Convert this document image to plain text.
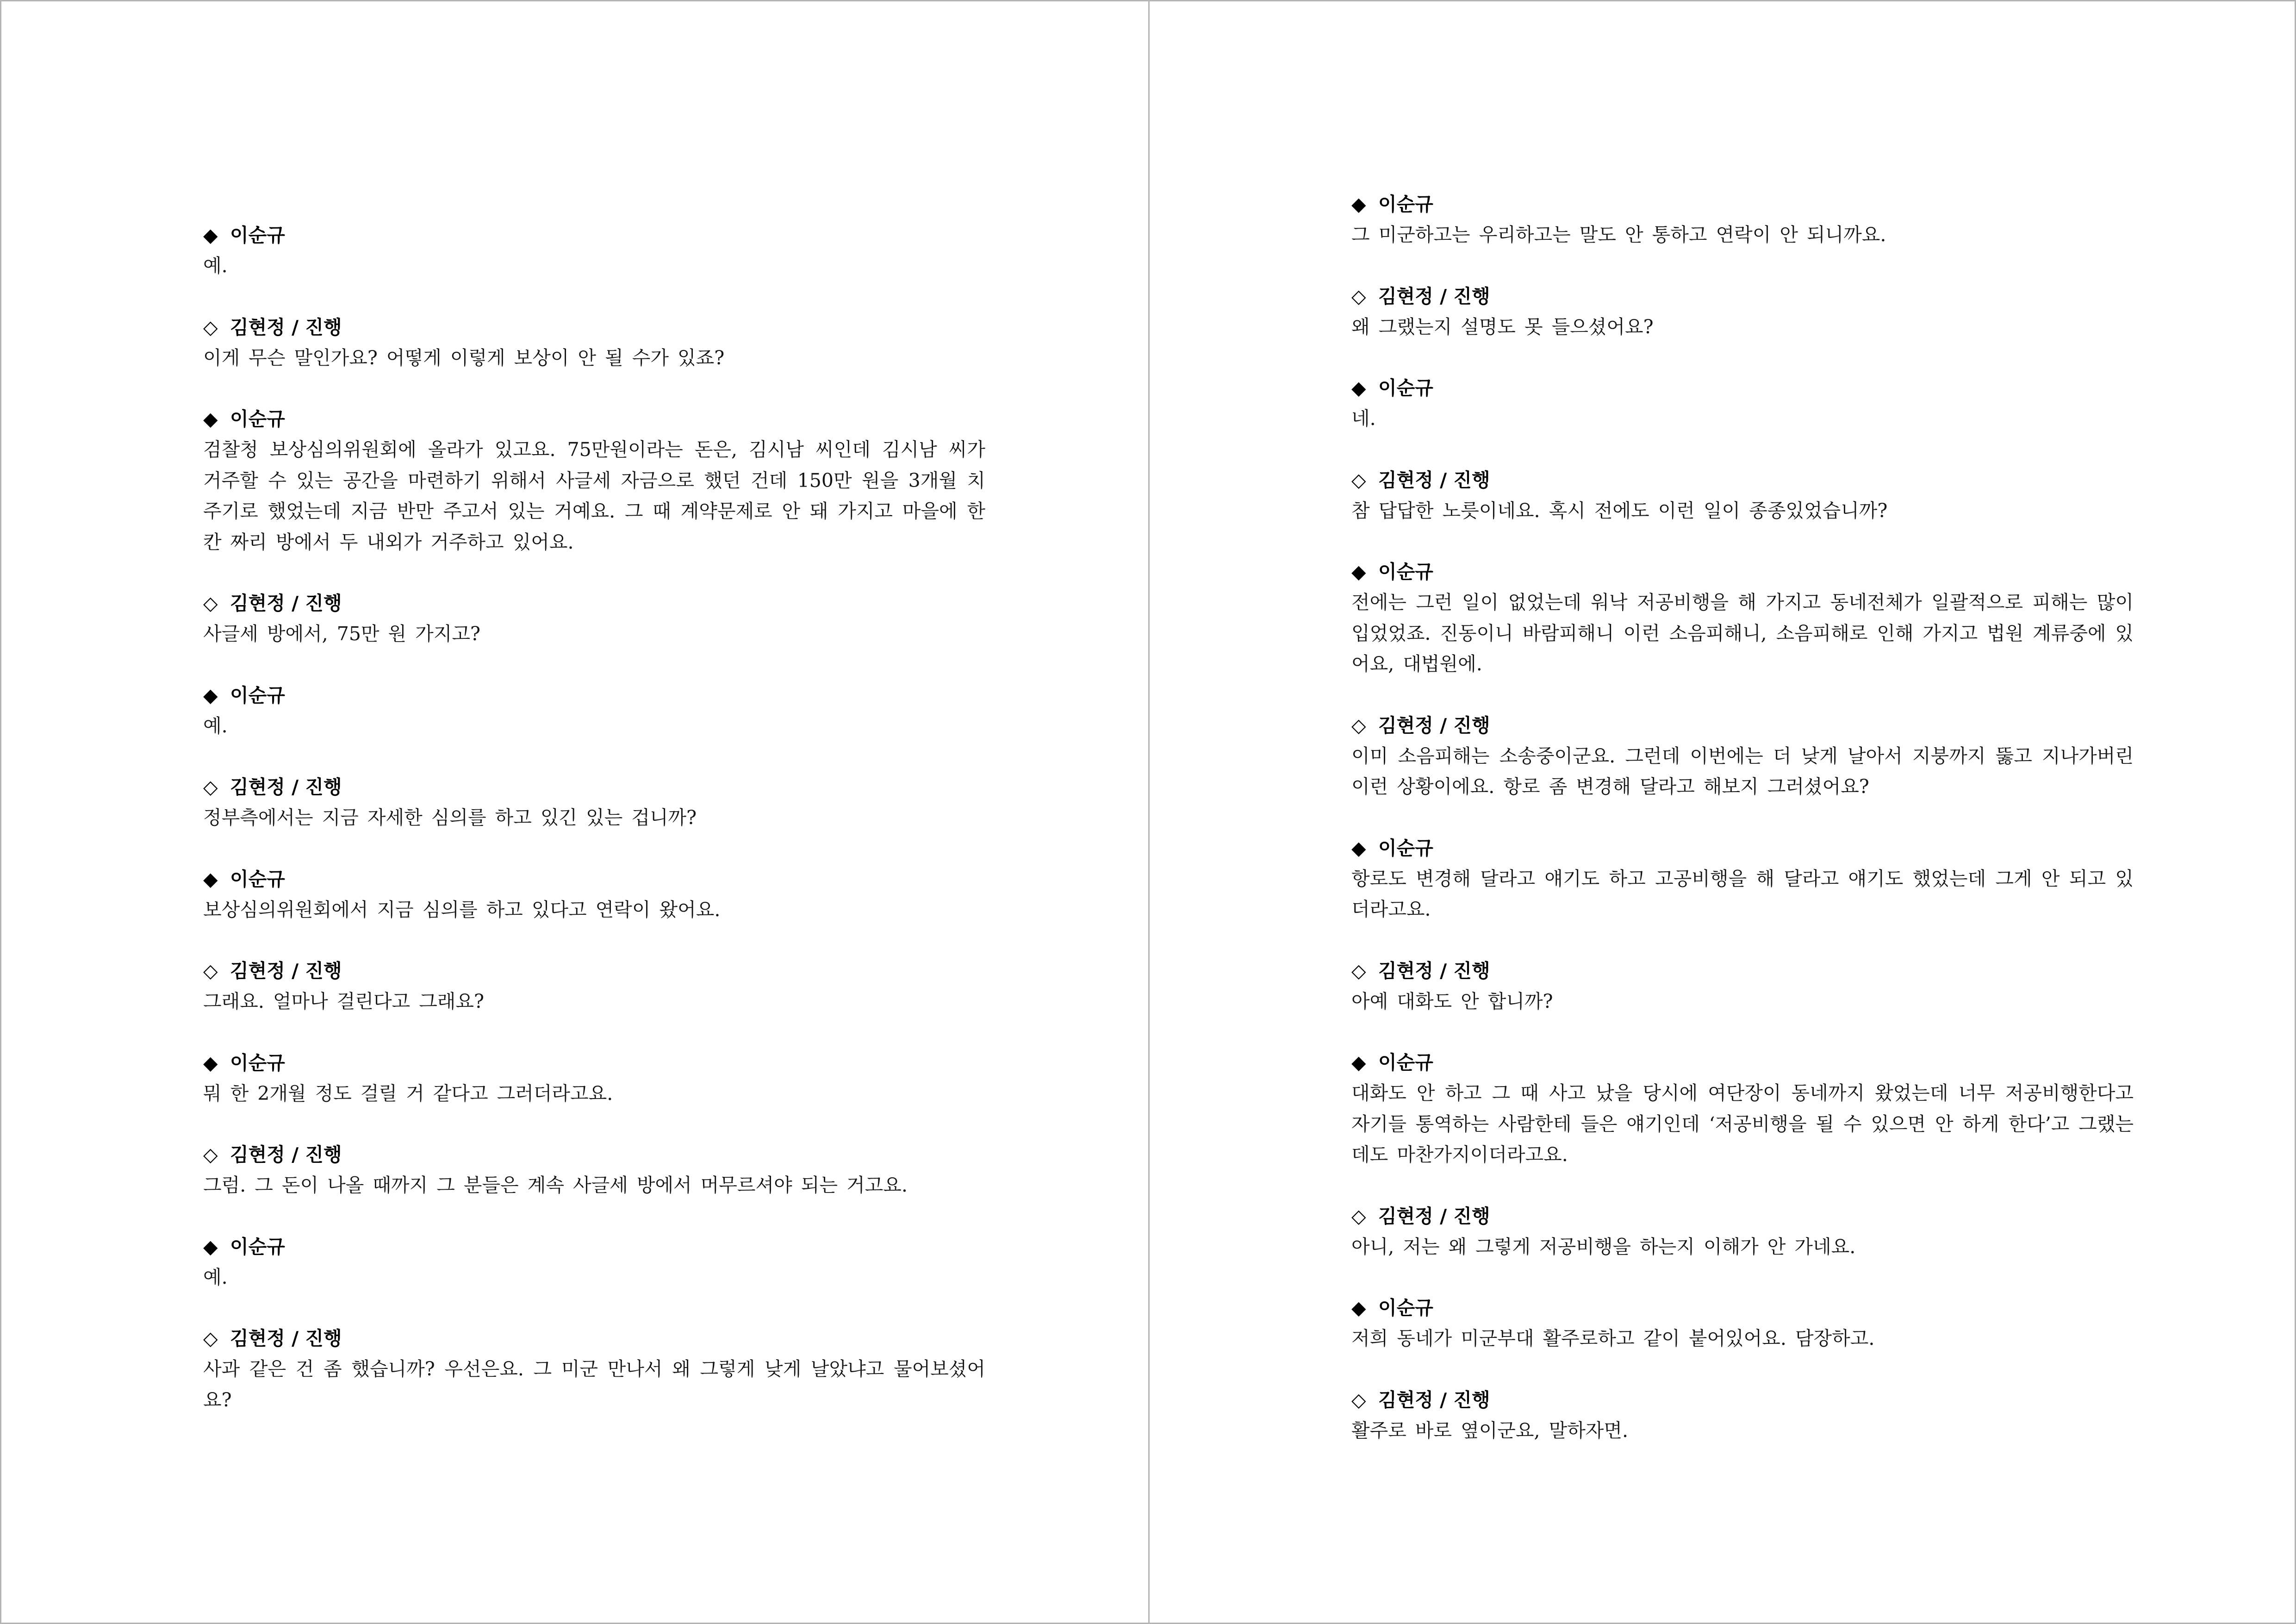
◆ 이순규

예.

◇ 김현정 / 진행

이게 무슨 말인가요? 어떻게 이렇게 보상이 안 될 수가 있죠?

◆ 이순규

검찰청 보상심의위원회에 올라가 있고요. 75만원이라는 돈은, 김시남 씨인데 김시남 씨가 거주할 수 있는 공간을 마련하기 위해서 사글세 자금으로 했던 건데 150만 원을 3개월 치 주기로 했었는데 지금 반만 주고서 있는 거예요. 그 때 계약문제로 안 돼 가지고 마을에 한 칸 짜리 방에서 두 내외가 거주하고 있어요.

◇ 김현정 / 진행

사글세 방에서, 75만 원 가지고?

◆ 이순규

예.

◇ 김현정 / 진행

정부측에서는 지금 자세한 심의를 하고 있긴 있는 겁니까?

◆ 이순규

보상심의위원회에서 지금 심의를 하고 있다고 연락이 왔어요.

◇ 김현정 / 진행

그래요. 얼마나 걸린다고 그래요?

◆ 이순규

뭐 한 2개월 정도 걸릴 거 같다고 그러더라고요.

◇ 김현정 / 진행

그럼. 그 돈이 나올 때까지 그 분들은 계속 사글세 방에서 머무르셔야 되는 거고요.

◆ 이순규

예.

◇ 김현정 / 진행

사과 같은 건 좀 했습니까? 우선은요. 그 미군 만나서 왜 그렇게 낮게 날았냐고 물어보셨어요?

◆ 이순규

그 미군하고는 우리하고는 말도 안 통하고 연락이 안 되니까요.

◇ 김현정 / 진행

왜 그랬는지 설명도 못 들으셨어요?

◆ 이순규

네.

◇ 김현정 / 진행

참 답답한 노릇이네요. 혹시 전에도 이런 일이 종종있었습니까?

◆ 이순규

전에는 그런 일이 없었는데 워낙 저공비행을 해 가지고 동네전체가 일괄적으로 피해는 많이 입었었죠. 진동이니 바람피해니 이런 소음피해니, 소음피해로 인해 가지고 법원 계류중에 있어요, 대법원에.

◇ 김현정 / 진행

이미 소음피해는 소송중이군요. 그런데 이번에는 더 낮게 날아서 지붕까지 뚫고 지나가버린 이런 상황이에요. 항로 좀 변경해 달라고 해보지 그러셨어요?

◆ 이순규

항로도 변경해 달라고 얘기도 하고 고공비행을 해 달라고 얘기도 했었는데 그게 안 되고 있더라고요.

◇ 김현정 / 진행

아예 대화도 안 합니까?

◆ 이순규

대화도 안 하고 그 때 사고 났을 당시에 여단장이 동네까지 왔었는데 너무 저공비행한다고 자기들 통역하는 사람한테 들은 얘기인데 ‘저공비행을 될 수 있으면 안 하게 한다’고 그랬는데도 마찬가지이더라고요.

◇ 김현정 / 진행

아니, 저는 왜 그렇게 저공비행을 하는지 이해가 안 가네요.

◆ 이순규

저희 동네가 미군부대 활주로하고 같이 붙어있어요. 담장하고.

◇ 김현정 / 진행

활주로 바로 옆이군요, 말하자면.
